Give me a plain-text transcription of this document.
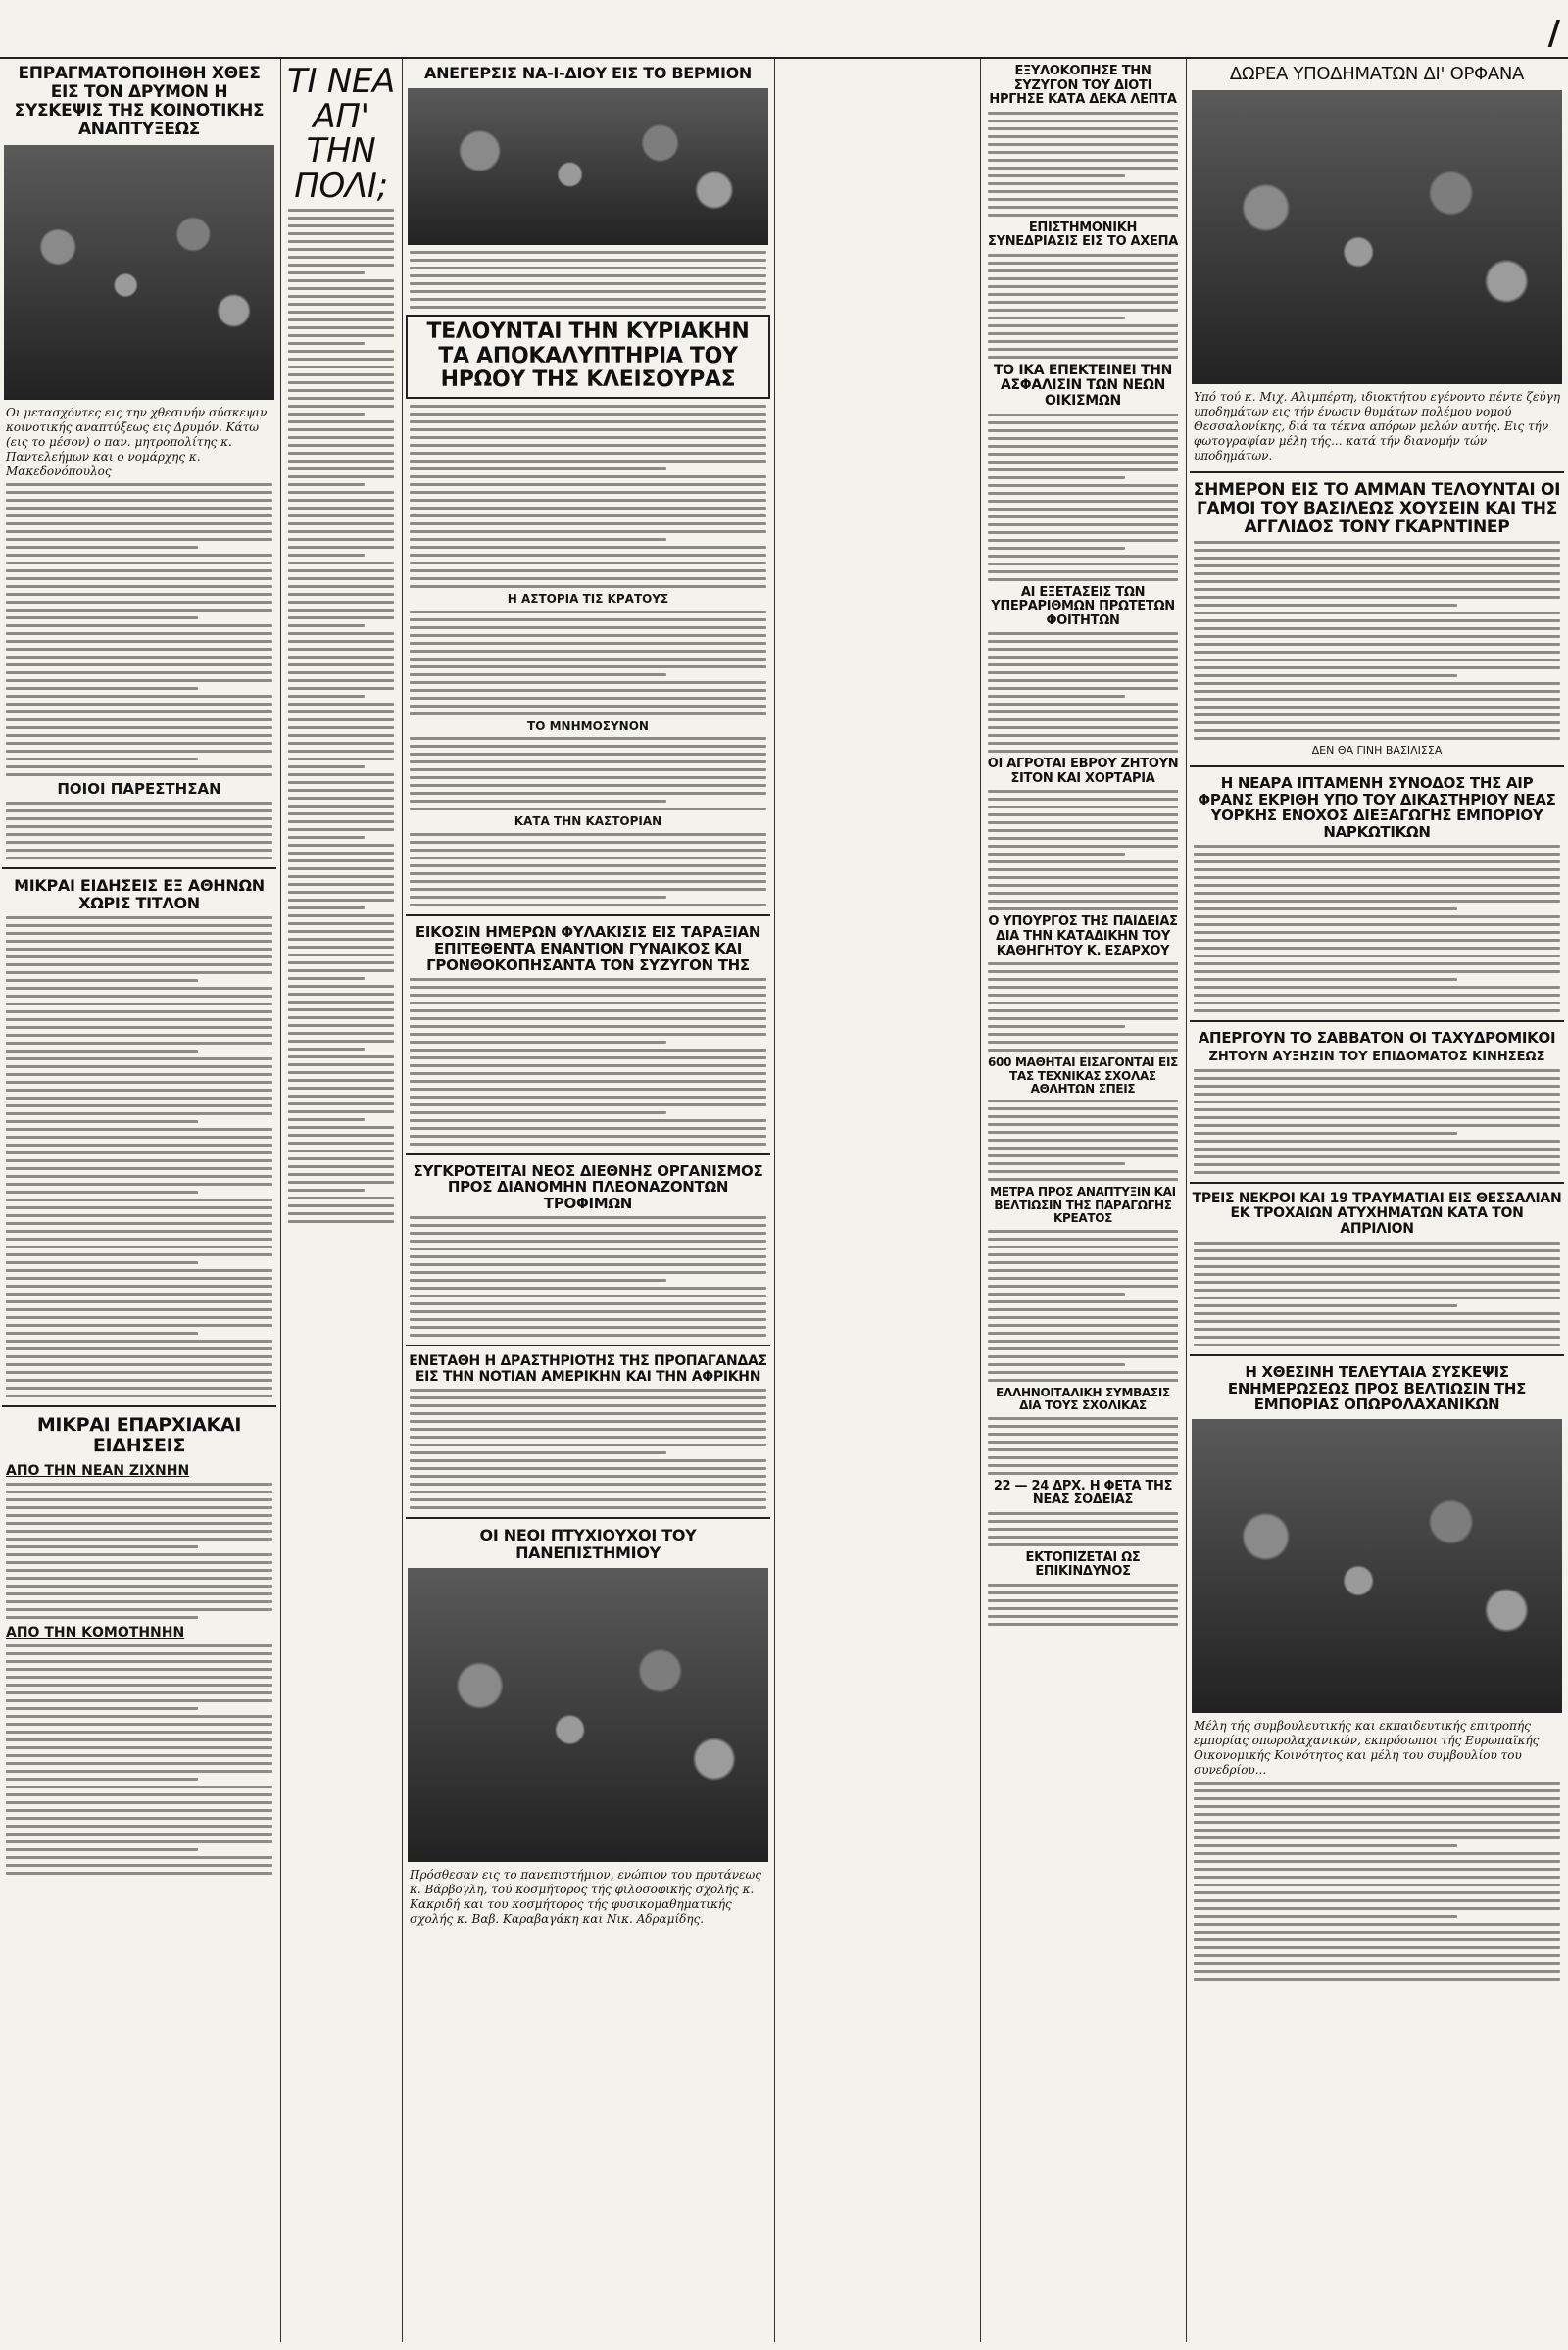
/
ΕΠΡΑΓΜΑΤΟΠΟΙΗΘΗ ΧΘΕΣ ΕΙΣ ΤΟΝ ΔΡΥΜΟΝ Η ΣΥΣΚΕΨΙΣ ΤΗΣ ΚΟΙΝΟΤΙΚΗΣ ΑΝΑΠΤΥΞΕΩΣ

Οι μετασχόντες εις την χθεσινήν σύσκεψιν κοινοτικής αναπτύξεως εις Δρυμόν. Κάτω (εις το μέσον) ο παν. μητροπολίτης κ. Παντελεήμων και ο νομάρχης κ. Μακεδονόπουλος

ΠΟΙΟΙ ΠΑΡΕΣΤΗΣΑΝ
ΜΙΚΡΑΙ ΕΙΔΗΣΕΙΣ ΕΞ ΑΘΗΝΩΝ ΧΩΡΙΣ ΤΙΤΛΟΝ
ΜΙΚΡΑΙ ΕΠΑΡΧΙΑΚΑΙ ΕΙΔΗΣΕΙΣ
ΑΠΟ ΤΗΝ ΝΕΑΝ ΖΙΧΝΗΝ
ΑΠΟ ΤΗΝ ΚΟΜΟΤΗΝΗΝ
ΤΙ ΝΕΑ ΑΠ' ΤΗΝ ΠΟΛΙ;
ΑΝΕΓΕΡΣΙΣ ΝΑ-Ι-ΔΙΟΥ ΕΙΣ ΤΟ ΒΕΡΜΙΟΝ
ΤΕΛΟΥΝΤΑΙ ΤΗΝ ΚΥΡΙΑΚΗΝ ΤΑ ΑΠΟΚΑΛΥΠΤΗΡΙΑ ΤΟΥ ΗΡΩΟΥ ΤΗΣ ΚΛΕΙΣΟΥΡΑΣ
Η ΑΣΤΟΡΙΑ ΤΙΣ ΚΡΑΤΟΥΣ
ΤΟ ΜΝΗΜΟΣΥΝΟΝ
ΚΑΤΑ ΤΗΝ ΚΑΣΤΟΡΙΑΝ
ΕΙΚΟΣΙΝ ΗΜΕΡΩΝ ΦΥΛΑΚΙΣΙΣ ΕΙΣ ΤΑΡΑΞΙΑΝ ΕΠΙΤΕΘΕΝΤΑ ΕΝΑΝΤΙΟΝ ΓΥΝΑΙΚΟΣ ΚΑΙ ΓΡΟΝΘΟΚΟΠΗΣΑΝΤΑ ΤΟΝ ΣΥΖΥΓΟΝ ΤΗΣ
ΣΥΓΚΡΟΤΕΙΤΑΙ ΝΕΟΣ ΔΙΕΘΝΗΣ ΟΡΓΑΝΙΣΜΟΣ ΠΡΟΣ ΔΙΑΝΟΜΗΝ ΠΛΕΟΝΑΖΟΝΤΩΝ ΤΡΟΦΙΜΩΝ
ΕΝΕΤΑΘΗ Η ΔΡΑΣΤΗΡΙΟΤΗΣ ΤΗΣ ΠΡΟΠΑΓΑΝΔΑΣ ΕΙΣ ΤΗΝ ΝΟΤΙΑΝ ΑΜΕΡΙΚΗΝ ΚΑΙ ΤΗΝ ΑΦΡΙΚΗΝ
ΟΙ ΝΕΟΙ ΠΤΥΧΙΟΥΧΟΙ ΤΟΥ ΠΑΝΕΠΙΣΤΗΜΙΟΥ

Πρόσθεσαν εις το πανεπιστήμιον, ενώπιον του πρυτάνεως κ. Βάρβογλη, τού κοσμήτορος τής φιλοσοφικής σχολής κ. Κακριδή και του κοσμήτορος τής φυσικομαθηματικής σχολής κ. Βαβ. Καραβαγάκη και Νικ. Αδραμίδης.

ΕΞΥΛΟΚΟΠΗΣΕ ΤΗΝ ΣΥΖΥΓΟΝ ΤΟΥ ΔΙΟΤΙ ΗΡΓΗΣΕ ΚΑΤΑ ΔΕΚΑ ΛΕΠΤΑ
ΕΠΙΣΤΗΜΟΝΙΚΗ ΣΥΝΕΔΡΙΑΣΙΣ ΕΙΣ ΤΟ ΑΧΕΠΑ
ΤΟ ΙΚΑ ΕΠΕΚΤΕΙΝΕΙ ΤΗΝ ΑΣΦΑΛΙΣΙΝ ΤΩΝ ΝΕΩΝ ΟΙΚΙΣΜΩΝ
ΑΙ ΕΞΕΤΑΣΕΙΣ ΤΩΝ ΥΠΕΡΑΡΙΘΜΩΝ ΠΡΩΤΕΤΩΝ ΦΟΙΤΗΤΩΝ
ΟΙ ΑΓΡΟΤΑΙ ΕΒΡΟΥ ΖΗΤΟΥΝ ΣΙΤΟΝ ΚΑΙ ΧΟΡΤΑΡΙΑ
Ο ΥΠΟΥΡΓΟΣ ΤΗΣ ΠΑΙΔΕΙΑΣ ΔΙΑ ΤΗΝ ΚΑΤΑΔΙΚΗΝ ΤΟΥ ΚΑΘΗΓΗΤΟΥ Κ. ΕΣΑΡΧΟΥ
600 ΜΑΘΗΤΑΙ ΕΙΣΑΓΟΝΤΑΙ ΕΙΣ ΤΑΣ ΤΕΧΝΙΚΑΣ ΣΧΟΛΑΣ ΑΘΛΗΤΩΝ ΣΠΕΙΣ
ΜΕΤΡΑ ΠΡΟΣ ΑΝΑΠΤΥΞΙΝ ΚΑΙ ΒΕΛΤΙΩΣΙΝ ΤΗΣ ΠΑΡΑΓΩΓΗΣ ΚΡΕΑΤΟΣ
ΕΛΛΗΝΟΙΤΑΛΙΚΗ ΣΥΜΒΑΣΙΣ ΔΙΑ ΤΟΥΣ ΣΧΟΛΙΚΑΣ
22 — 24 ΔΡΧ. Η ΦΕΤΑ ΤΗΣ ΝΕΑΣ ΣΟΔΕΙΑΣ
ΕΚΤΟΠΙΖΕΤΑΙ ΩΣ ΕΠΙΚΙΝΔΥΝΟΣ
ΔΩΡΕΑ ΥΠΟΔΗΜΑΤΩΝ ΔΙ' ΟΡΦΑΝΑ

Υπό τού κ. Μιχ. Αλιμπέρτη, ιδιοκτήτου εγένοντο πέντε ζεύγη υποδημάτων εις τήν ένωσιν θυμάτων πολέμου νομού Θεσσαλονίκης, διά τα τέκνα απόρων μελών αυτής. Εις τήν φωτογραφίαν μέλη τής... κατά τήν διανομήν τών υποδημάτων.

ΣΗΜΕΡΟΝ ΕΙΣ ΤΟ ΑΜΜΑΝ ΤΕΛΟΥΝΤΑΙ ΟΙ ΓΑΜΟΙ ΤΟΥ ΒΑΣΙΛΕΩΣ ΧΟΥΣΕΙΝ ΚΑΙ ΤΗΣ ΑΓΓΛΙΔΟΣ ΤΟΝΥ ΓΚΑΡΝΤΙΝΕΡ
ΔΕΝ ΘΑ ΓΙΝΗ ΒΑΣΙΛΙΣΣΑ
Η ΝΕΑΡΑ ΙΠΤΑΜΕΝΗ ΣΥΝΟΔΟΣ ΤΗΣ ΑΙΡ ΦΡΑΝΣ ΕΚΡΙΘΗ ΥΠΟ ΤΟΥ ΔΙΚΑΣΤΗΡΙΟΥ ΝΕΑΣ ΥΟΡΚΗΣ ΕΝΟΧΟΣ ΔΙΕΞΑΓΩΓΗΣ ΕΜΠΟΡΙΟΥ ΝΑΡΚΩΤΙΚΩΝ
ΑΠΕΡΓΟΥΝ ΤΟ ΣΑΒΒΑΤΟΝ ΟΙ ΤΑΧΥΔΡΟΜΙΚΟΙ
ΖΗΤΟΥΝ ΑΥΞΗΣΙΝ ΤΟΥ ΕΠΙΔΟΜΑΤΟΣ ΚΙΝΗΣΕΩΣ
ΤΡΕΙΣ ΝΕΚΡΟΙ ΚΑΙ 19 ΤΡΑΥΜΑΤΙΑΙ ΕΙΣ ΘΕΣΣΑΛΙΑΝ ΕΚ ΤΡΟΧΑΙΩΝ ΑΤΥΧΗΜΑΤΩΝ ΚΑΤΑ ΤΟΝ ΑΠΡΙΛΙΟΝ
Η ΧΘΕΣΙΝΗ ΤΕΛΕΥΤΑΙΑ ΣΥΣΚΕΨΙΣ ΕΝΗΜΕΡΩΣΕΩΣ ΠΡΟΣ ΒΕΛΤΙΩΣΙΝ ΤΗΣ ΕΜΠΟΡΙΑΣ ΟΠΩΡΟΛΑΧΑΝΙΚΩΝ

Μέλη τής συμβουλευτικής και εκπαιδευτικής επιτροπής εμπορίας οπωρολαχανικών, εκπρόσωποι τής Ευρωπαϊκής Οικονομικής Κοινότητος και μέλη του συμβουλίου του συνεδρίου...
